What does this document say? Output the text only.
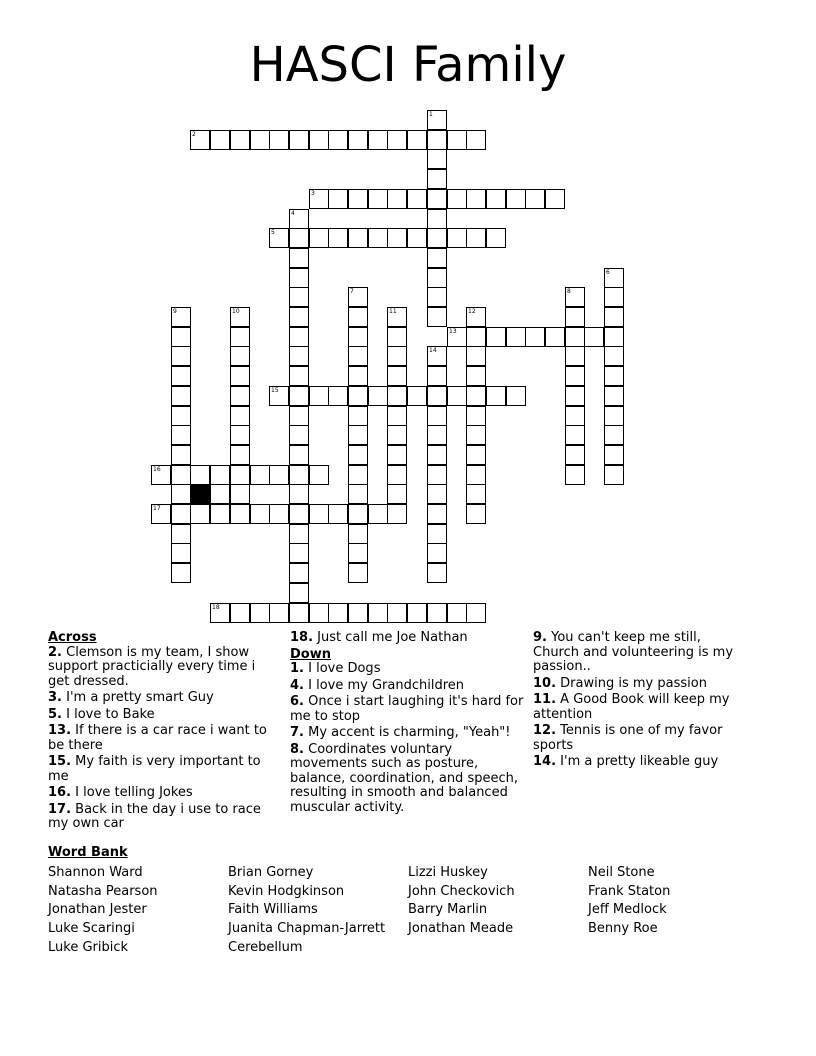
HASCI Family
1
2
3
4
5
6
7	8
9	10	11	12
13
14
15
16
17
18
Across
2. Clemson is my team, I show support practicially every time i get dressed.
3. I'm a pretty smart Guy
5. I love to Bake
13. If there is a car race i want to be there
15. My faith is very important to me
16. I love telling Jokes
17. Back in the day i use to race my own car
18. Just call me Joe Nathan
Down
1. I love Dogs
4. I love my Grandchildren
6. Once i start laughing it's hard for me to stop
7. My accent is charming, "Yeah"!
8. Coordinates voluntary movements such as posture, balance, coordination, and speech, resulting in smooth and balanced muscular activity.
9. You can't keep me still, Church and volunteering is my passion..
10. Drawing is my passion
11. A Good Book will keep my attention
12. Tennis is one of my favor sports
14. I'm a pretty likeable guy
Word Bank
Shannon Ward
Natasha Pearson
Jonathan Jester
Luke Scaringi
Luke Gribick
Brian Gorney
Kevin Hodgkinson
Faith Williams
Juanita Chapman-Jarrett
Cerebellum
Lizzi Huskey
John Checkovich
Barry Marlin
Jonathan Meade
Neil Stone
Frank Staton
Jeff Medlock
Benny Roe
